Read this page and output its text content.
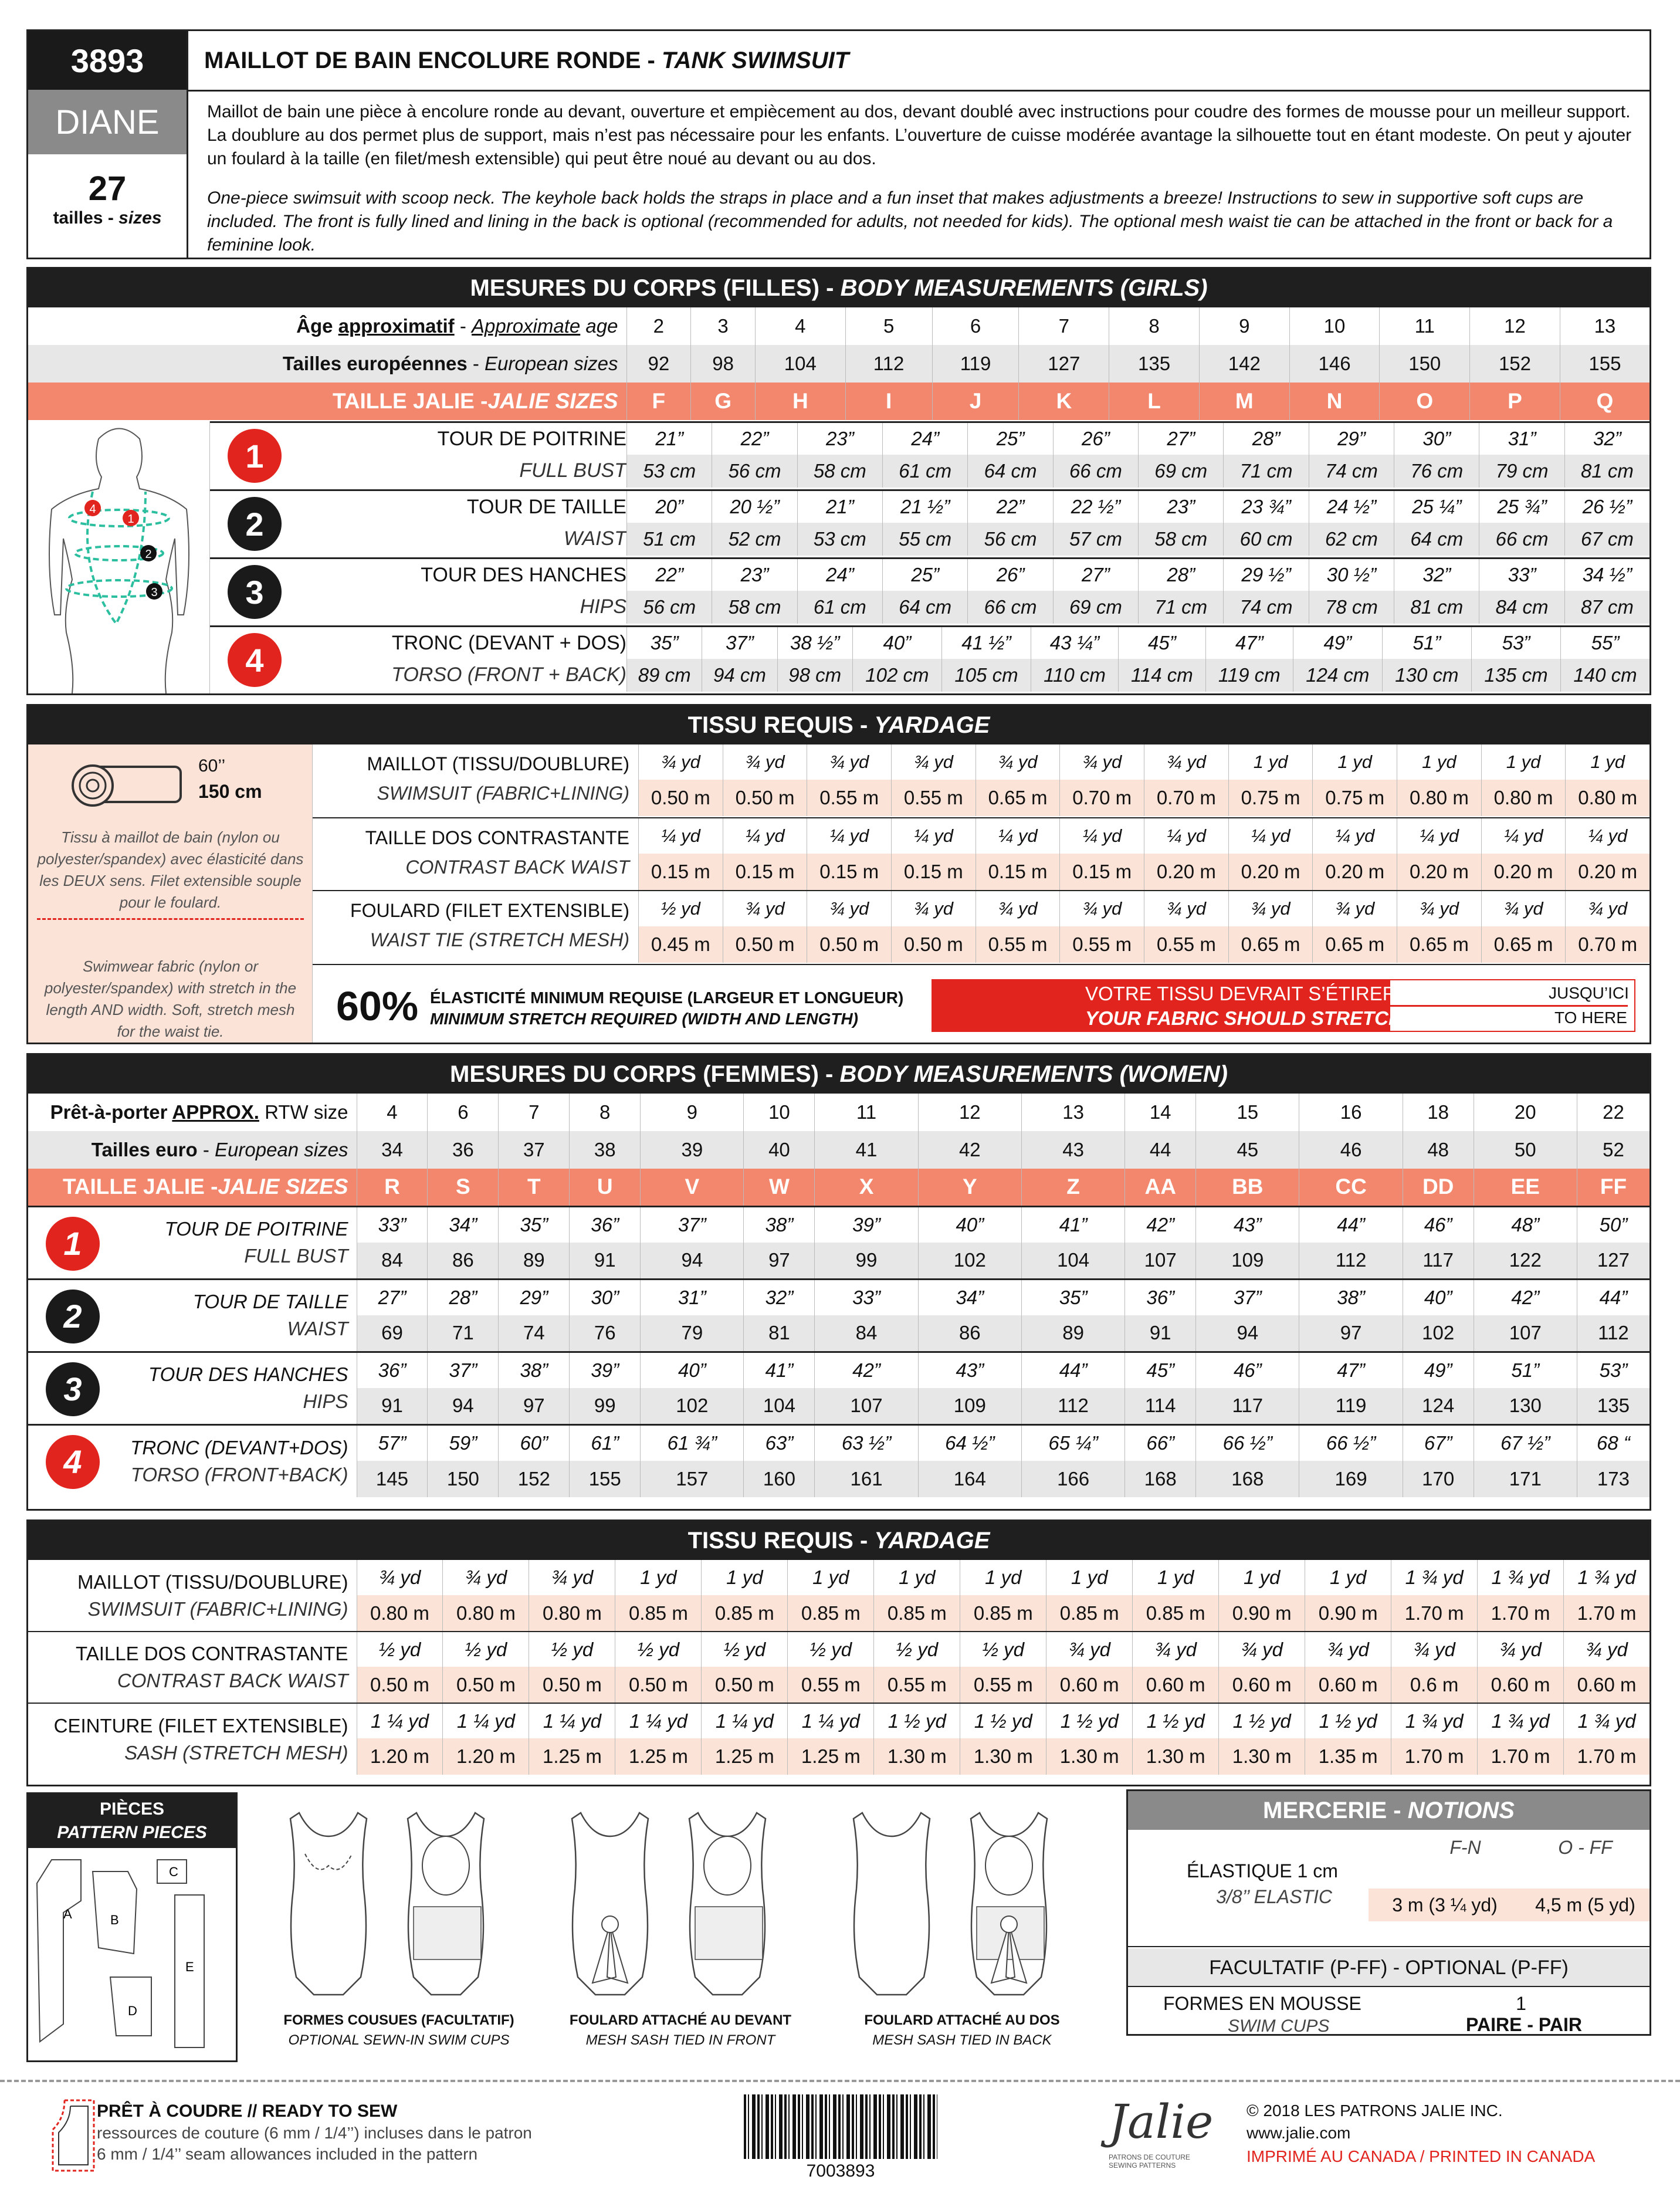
3893
DIANE
27
tailles - sizes
MAILLOT DE BAIN ENCOLURE RONDE - TANK SWIMSUIT
Maillot de bain une pièce à encolure ronde au devant, ouverture et empiècement au dos, devant doublé avec instructions pour coudre des formes de mousse pour un meilleur support. La doublure au dos permet plus de support, mais n’est pas nécessaire pour les enfants. L’ouverture de cuisse modérée avantage la silhouette tout en étant modeste. On peut y ajouter un foulard à la taille (en filet/mesh extensible) qui peut être noué au devant ou au dos.
One-piece swimsuit with scoop neck. The keyhole back holds the straps in place and a fun inset that makes adjustments a breeze! Instructions to sew in supportive soft cups are included. The front is fully lined and lining in the back is optional (recommended for adults, not needed for kids). The optional mesh waist tie can be attached in the front or back for a feminine look.
MESURES DU CORPS (FILLES) - BODY MEASUREMENTS (GIRLS)
Âge approximatif - Approximate age	2	3	4	5	6	7	8	9	10	11	12	13
Tailles européennes - European sizes	92	98	104	112	119	127	135	142	146	150	152	155
TAILLE JALIE -JALIE SIZES	F	G	H	I	J	K	L	M	N	O	P	Q
4
1
2
3
1	TOUR DE POITRINE
FULL BUST
21”	22”	23”	24”	25”	26”	27”	28”	29”	30”	31”	32”
53 cm	56 cm	58 cm	61 cm	64 cm	66 cm	69 cm	71 cm	74 cm	76 cm	79 cm	81 cm
2	TOUR DE TAILLE
WAIST
20”	20 ½”	21”	21 ½”	22”	22 ½”	23”	23 ¾”	24 ½”	25 ¼”	25 ¾”	26 ½”
51 cm	52 cm	53 cm	55 cm	56 cm	57 cm	58 cm	60 cm	62 cm	64 cm	66 cm	67 cm
3	TOUR DES HANCHES
HIPS
22”	23”	24”	25”	26”	27”	28”	29 ½”	30 ½”	32”	33”	34 ½”
56 cm	58 cm	61 cm	64 cm	66 cm	69 cm	71 cm	74 cm	78 cm	81 cm	84 cm	87 cm
4	TRONC (DEVANT + DOS)
TORSO (FRONT + BACK)
35”	37”	38 ½”	40”	41 ½”	43 ¼”	45”	47”	49”	51”	53”	55”
89 cm	94 cm	98 cm	102 cm	105 cm	110 cm	114 cm	119 cm	124 cm	130 cm	135 cm	140 cm
TISSU REQUIS - YARDAGE
60’’
150 cm
Tissu à maillot de bain (nylon ou polyester/spandex) avec élasticité dans les DEUX sens. Filet extensible souple pour le foulard.
Swimwear fabric (nylon or polyester/spandex) with stretch in the length AND width. Soft, stretch mesh for the waist tie.
MAILLOT (TISSU/DOUBLURE)
SWIMSUIT (FABRIC+LINING)
¾ yd	¾ yd	¾ yd	¾ yd	¾ yd	¾ yd	¾ yd	1 yd	1 yd	1 yd	1 yd	1 yd
0.50 m	0.50 m	0.55 m	0.55 m	0.65 m	0.70 m	0.70 m	0.75 m	0.75 m	0.80 m	0.80 m	0.80 m
TAILLE DOS CONTRASTANTE
CONTRAST BACK WAIST
¼ yd	¼ yd	¼ yd	¼ yd	¼ yd	¼ yd	¼ yd	¼ yd	¼ yd	¼ yd	¼ yd	¼ yd
0.15 m	0.15 m	0.15 m	0.15 m	0.15 m	0.15 m	0.20 m	0.20 m	0.20 m	0.20 m	0.20 m	0.20 m
FOULARD (FILET EXTENSIBLE)
WAIST TIE (STRETCH MESH)
½ yd	¾ yd	¾ yd	¾ yd	¾ yd	¾ yd	¾ yd	¾ yd	¾ yd	¾ yd	¾ yd	¾ yd
0.45 m	0.50 m	0.50 m	0.50 m	0.55 m	0.55 m	0.55 m	0.65 m	0.65 m	0.65 m	0.65 m	0.70 m
60% ÉLASTICITÉ MINIMUM REQUISE (LARGEUR ET LONGUEUR)
MINIMUM STRETCH REQUIRED (WIDTH AND LENGTH)
VOTRE TISSU DEVRAIT S’ÉTIRER
YOUR FABRIC SHOULD STRETCH
JUSQU’ICI
TO HERE
MESURES DU CORPS (FEMMES) - BODY MEASUREMENTS (WOMEN)
Prêt-à-porter APPROX. RTW size	4	6	7	8	9	10	11	12	13	14	15	16	18	20	22
Tailles euro - European sizes	34	36	37	38	39	40	41	42	43	44	45	46	48	50	52
TAILLE JALIE -JALIE SIZES	R	S	T	U	V	W	X	Y	Z	AA	BB	CC	DD	EE	FF

1 TOUR DE POITRINE
FULL BUST	33”	34”	35”	36”	37”	38”	39”	40”	41”	42”	43”	44”	46”	48”	50”
	84	86	89	91	94	97	99	102	104	107	109	112	117	122	127

2 TOUR DE TAILLE
WAIST	27”	28”	29”	30”	31”	32”	33”	34”	35”	36”	37”	38”	40”	42”	44”
	69	71	74	76	79	81	84	86	89	91	94	97	102	107	112

3 TOUR DES HANCHES
HIPS	36”	37”	38”	39”	40”	41”	42”	43”	44”	45”	46”	47”	49”	51”	53”
	91	94	97	99	102	104	107	109	112	114	117	119	124	130	135

4 TRONC (DEVANT+DOS)
TORSO (FRONT+BACK)	57”	59”	60”	61”	61 ¾”	63”	63 ½”	64 ½”	65 ¼”	66”	66 ½”	66 ½”	67”	67 ½”	68 “
	145	150	152	155	157	160	161	164	166	168	168	169	170	171	173
TISSU REQUIS - YARDAGE
MAILLOT (TISSU/DOUBLURE)
SWIMSUIT (FABRIC+LINING)	¾ yd	¾ yd	¾ yd	1 yd	1 yd	1 yd	1 yd	1 yd	1 yd	1 yd	1 yd	1 yd	1 ¾ yd	1 ¾ yd	1 ¾ yd
	0.80 m	0.80 m	0.80 m	0.85 m	0.85 m	0.85 m	0.85 m	0.85 m	0.85 m	0.85 m	0.90 m	0.90 m	1.70 m	1.70 m	1.70 m

TAILLE DOS CONTRASTANTE
CONTRAST BACK WAIST	½ yd	½ yd	½ yd	½ yd	½ yd	½ yd	½ yd	½ yd	¾ yd	¾ yd	¾ yd	¾ yd	¾ yd	¾ yd	¾ yd
	0.50 m	0.50 m	0.50 m	0.50 m	0.50 m	0.55 m	0.55 m	0.55 m	0.60 m	0.60 m	0.60 m	0.60 m	0.6 m	0.60 m	0.60 m

CEINTURE (FILET EXTENSIBLE)
SASH (STRETCH MESH)	1 ¼ yd	1 ¼ yd	1 ¼ yd	1 ¼ yd	1 ¼ yd	1 ¼ yd	1 ½ yd	1 ½ yd	1 ½ yd	1 ½ yd	1 ½ yd	1 ½ yd	1 ¾ yd	1 ¾ yd	1 ¾ yd
	1.20 m	1.20 m	1.25 m	1.25 m	1.25 m	1.25 m	1.30 m	1.30 m	1.30 m	1.30 m	1.30 m	1.35 m	1.70 m	1.70 m	1.70 m
PIÈCES
PATTERN PIECES
A	B
C
D
E
FORMES COUSUES (FACULTATIF)
OPTIONAL SEWN-IN SWIM CUPS
FOULARD ATTACHÉ AU DEVANT
MESH SASH TIED IN FRONT
FOULARD ATTACHÉ AU DOS
MESH SASH TIED IN BACK
MERCERIE - NOTIONS
ÉLASTIQUE 1 cm
3/8’’ ELASTIC
F-N	O - FF
3 m (3 ¼ yd)	4,5 m (5 yd)
FACULTATIF (P-FF) - OPTIONAL (P-FF)
FORMES EN MOUSSE
SWIM CUPS
1
PAIRE - PAIR
PRÊT À COUDRE // READY TO SEW
ressources de couture (6 mm / 1/4’’) incluses dans le patron
6 mm / 1/4’’ seam allowances included in the pattern
7003893
Jalie
PATRONS DE COUTURE SEWING PATTERNS
© 2018 LES PATRONS JALIE INC.
www.jalie.com
IMPRIMÉ AU CANADA / PRINTED IN CANADA
